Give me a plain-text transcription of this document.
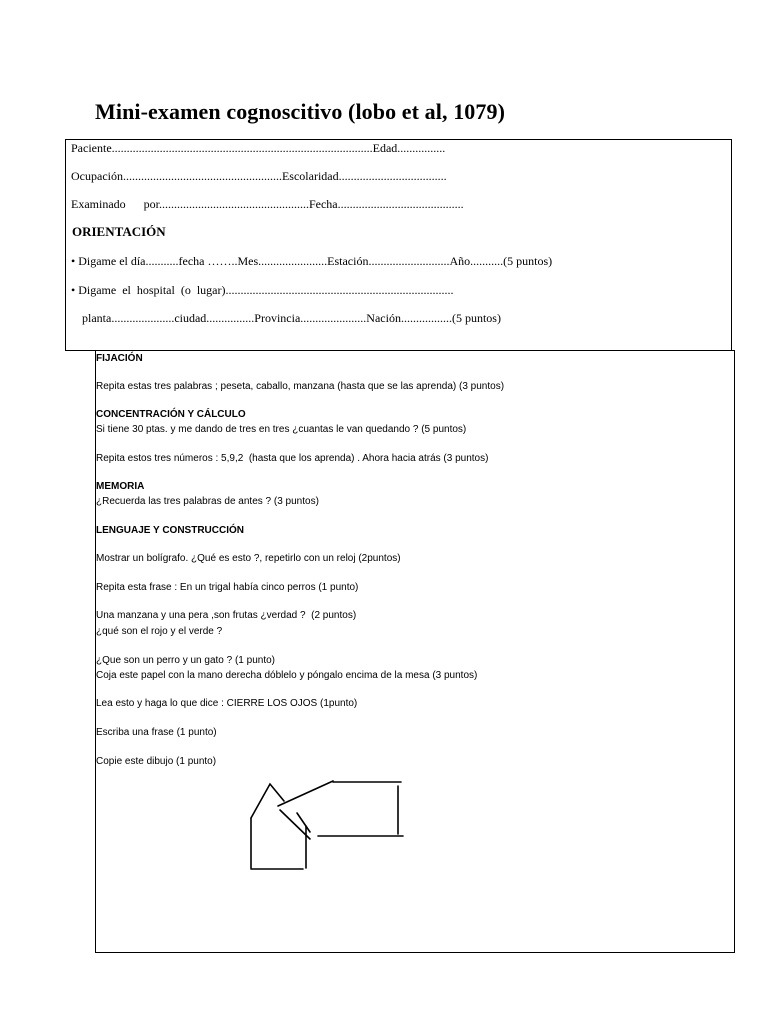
Mini-examen cognoscitivo (lobo et al, 1079)
Paciente.......................................................................................Edad................
Ocupación.....................................................Escolaridad....................................
Examinado      por..................................................Fecha..........................................
ORIENTACIÓN
• Digame el día...........fecha ……..Mes.......................Estación...........................Año...........(5 puntos)
• Digame  el  hospital  (o  lugar)............................................................................
planta.....................ciudad................Provincia......................Nación.................(5 puntos)
FIJACIÓN
Repita estas tres palabras ; peseta, caballo, manzana (hasta que se las aprenda) (3 puntos)
CONCENTRACIÓN Y CÁLCULO
Si tiene 30 ptas. y me dando de tres en tres ¿cuantas le van quedando ? (5 puntos)
Repita estos tres números : 5,9,2  (hasta que los aprenda) . Ahora hacia atrás (3 puntos)
MEMORIA
¿Recuerda las tres palabras de antes ? (3 puntos)
LENGUAJE Y CONSTRUCCIÓN
Mostrar un bolígrafo. ¿Qué es esto ?, repetirlo con un reloj (2puntos)
Repita esta frase : En un trigal había cinco perros (1 punto)
Una manzana y una pera ,son frutas ¿verdad ?  (2 puntos)
¿qué son el rojo y el verde ?
¿Que son un perro y un gato ? (1 punto)
Coja este papel con la mano derecha dóblelo y póngalo encima de la mesa (3 puntos)
Lea esto y haga lo que dice : CIERRE LOS OJOS (1punto)
Escriba una frase (1 punto)
Copie este dibujo (1 punto)
